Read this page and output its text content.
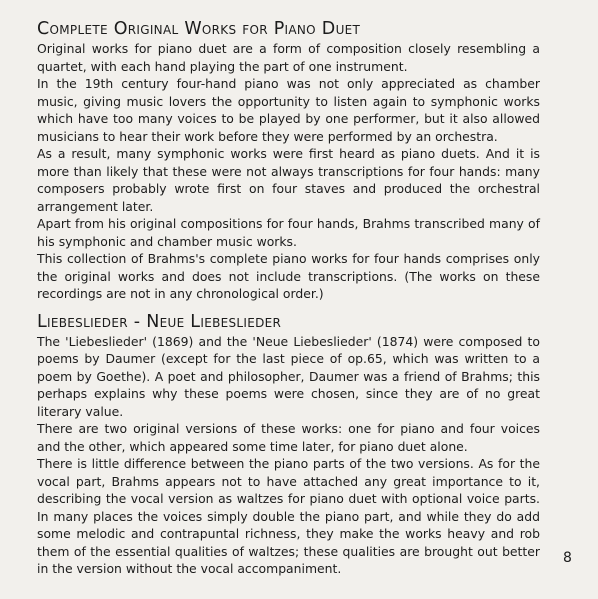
Complete Original Works for Piano Duet

Original works for piano duet are a form of composition closely resembling a quartet, with each hand playing the part of one instrument.

In the 19th century four-hand piano was not only appreciated as chamber music, giving music lovers the opportunity to listen again to symphonic works which have too many voices to be played by one performer, but it also allowed musicians to hear their work before they were performed by an orchestra.

As a result, many symphonic works were first heard as piano duets. And it is more than likely that these were not always transcriptions for four hands: many composers probably wrote first on four staves and produced the orchestral arrangement later.

Apart from his original compositions for four hands, Brahms transcribed many of his symphonic and chamber music works.

This collection of Brahms's complete piano works for four hands comprises only the original works and does not include transcriptions. (The works on these recordings are not in any chronological order.)

Liebeslieder - Neue Liebeslieder

The 'Liebeslieder' (1869) and the 'Neue Liebeslieder' (1874) were composed to poems by Daumer (except for the last piece of op.65, which was written to a poem by Goethe). A poet and philosopher, Daumer was a friend of Brahms; this perhaps explains why these poems were chosen, since they are of no great literary value.

There are two original versions of these works: one for piano and four voices and the other, which appeared some time later, for piano duet alone.

There is little difference between the piano parts of the two versions. As for the vocal part, Brahms appears not to have attached any great importance to it, describing the vocal version as waltzes for piano duet with optional voice parts. In many places the voices simply double the piano part, and while they do add some melodic and contrapuntal richness, they make the works heavy and rob them of the essential qualities of waltzes; these qualities are brought out better in the version without the vocal accompaniment.

8
